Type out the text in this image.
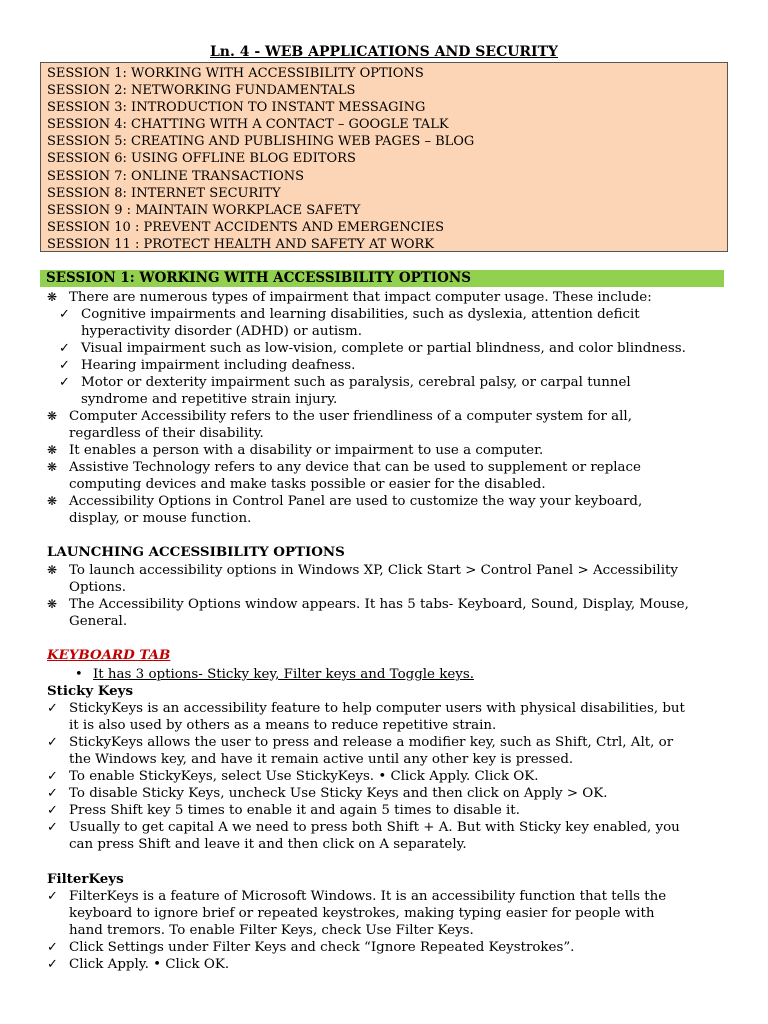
Ln. 4 - WEB APPLICATIONS AND SECURITY
SESSION 1: WORKING WITH ACCESSIBILITY OPTIONS
SESSION 2: NETWORKING FUNDAMENTALS
SESSION 3: INTRODUCTION TO INSTANT MESSAGING
SESSION 4: CHATTING WITH A CONTACT – GOOGLE TALK
SESSION 5: CREATING AND PUBLISHING WEB PAGES – BLOG
SESSION 6: USING OFFLINE BLOG EDITORS
SESSION 7: ONLINE TRANSACTIONS
SESSION 8: INTERNET SECURITY
SESSION 9 : MAINTAIN WORKPLACE SAFETY
SESSION 10 : PREVENT ACCIDENTS AND EMERGENCIES
SESSION 11 : PROTECT HEALTH AND SAFETY AT WORK
SESSION 1: WORKING WITH ACCESSIBILITY OPTIONS
❋ There are numerous types of impairment that impact computer usage. These include:
✓ Cognitive impairments and learning disabilities, such as dyslexia, attention deficit
hyperactivity disorder (ADHD) or autism.
✓ Visual impairment such as low-vision, complete or partial blindness, and color blindness.
✓ Hearing impairment including deafness.
✓ Motor or dexterity impairment such as paralysis, cerebral palsy, or carpal tunnel
syndrome and repetitive strain injury.
❋ Computer Accessibility refers to the user friendliness of a computer system for all,
regardless of their disability.
❋ It enables a person with a disability or impairment to use a computer.
❋ Assistive Technology refers to any device that can be used to supplement or replace
computing devices and make tasks possible or easier for the disabled.
❋ Accessibility Options in Control Panel are used to customize the way your keyboard,
display, or mouse function.
LAUNCHING ACCESSIBILITY OPTIONS
❋ To launch accessibility options in Windows XP, Click Start > Control Panel > Accessibility
Options.
❋ The Accessibility Options window appears. It has 5 tabs- Keyboard, Sound, Display, Mouse,
General.
KEYBOARD TAB
• It has 3 options- Sticky key, Filter keys and Toggle keys.
Sticky Keys
✓ StickyKeys is an accessibility feature to help computer users with physical disabilities, but
it is also used by others as a means to reduce repetitive strain.
✓ StickyKeys allows the user to press and release a modifier key, such as Shift, Ctrl, Alt, or
the Windows key, and have it remain active until any other key is pressed.
✓ To enable StickyKeys, select Use StickyKeys. • Click Apply. Click OK.
✓ To disable Sticky Keys, uncheck Use Sticky Keys and then click on Apply > OK.
✓ Press Shift key 5 times to enable it and again 5 times to disable it.
✓ Usually to get capital A we need to press both Shift + A. But with Sticky key enabled, you
can press Shift and leave it and then click on A separately.
FilterKeys
✓ FilterKeys is a feature of Microsoft Windows. It is an accessibility function that tells the
keyboard to ignore brief or repeated keystrokes, making typing easier for people with
hand tremors. To enable Filter Keys, check Use Filter Keys.
✓ Click Settings under Filter Keys and check “Ignore Repeated Keystrokes”.
✓ Click Apply. • Click OK.
